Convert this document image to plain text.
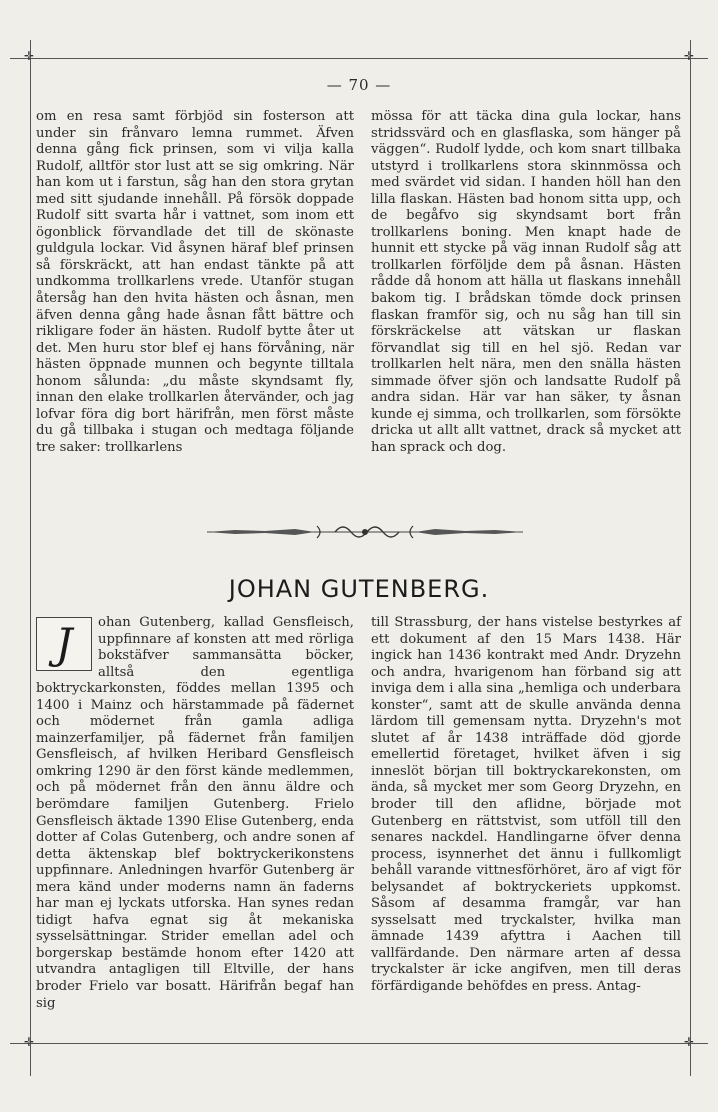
✛	✛
✛	✛
— 70 —

om en resa samt förbjöd sin fosterson att under sin frånvaro lemna rummet. Äfven denna gång fick prinsen, som vi vilja kalla Rudolf, alltför stor lust att se sig omkring. När han kom ut i farstun, såg han den stora grytan med sitt sjudande innehåll. På försök doppade Rudolf sitt svarta hår i vattnet, som inom ett ögonblick förvandlade det till de skönaste guldgula lockar. Vid åsynen häraf blef prinsen så förskräckt, att han endast tänkte på att undkomma trollkarlens vrede. Utanför stugan återsåg han den hvita hästen och åsnan, men äfven denna gång hade åsnan fått bättre och rikligare foder än hästen. Rudolf bytte åter ut det. Men huru stor blef ej hans förvåning, när hästen öppnade munnen och begynte tilltala honom sålunda: „du måste skyndsamt fly, innan den elake trollkarlen återvänder, och jag lofvar föra dig bort härifrån, men först måste du gå tillbaka i stugan och medtaga följande tre saker: trollkarlens

mössa för att täcka dina gula lockar, hans stridssvärd och en glasflaska, som hänger på väggen“. Rudolf lydde, och kom snart tillbaka utstyrd i trollkarlens stora skinnmössa och med svärdet vid sidan. I handen höll han den lilla flaskan. Hästen bad honom sitta upp, och de begåfvo sig skyndsamt bort från trollkarlens boning. Men knapt hade de hunnit ett stycke på väg innan Rudolf såg att trollkarlen förföljde dem på åsnan. Hästen rådde då honom att hälla ut flaskans innehåll bakom tig. I brådskan tömde dock prinsen flaskan framför sig, och nu såg han till sin förskräckelse att vätskan ur flaskan förvandlat sig till en hel sjö. Redan var trollkarlen helt nära, men den snälla hästen simmade öfver sjön och landsatte Rudolf på andra sidan. Här var han säker, ty åsnan kunde ej simma, och trollkarlen, som försökte dricka ut allt allt vattnet, drack så mycket att han sprack och dog.

JOHAN GUTENBERG.
J	ohan Gutenberg, kallad Gensfleisch, uppfinnare af konsten att med rörliga bokstäfver sammansätta böcker, alltså den egentliga boktryckarkonsten, föddes mellan 1395 och 1400 i Mainz och härstammade på fädernet och mödernet från gamla adliga mainzerfamiljer, på fädernet från familjen Gensfleisch, af hvilken Heribard Gensfleisch omkring 1290 är den först kände medlemmen, och på mödernet från den ännu äldre och berömdare familjen Gutenberg. Frielo Gensfleisch äktade 1390 Elise Gutenberg, enda dotter af Colas Gutenberg, och andre sonen af detta äktenskap blef boktryckerikonstens uppfinnare. Anledningen hvarför Gutenberg är mera känd under moderns namn än faderns har man ej lyckats utforska. Han synes redan tidigt hafva egnat sig åt mekaniska sysselsättningar. Strider emellan adel och borgerskap bestämde honom efter 1420 att utvandra antagligen till Eltville, der hans broder Frielo var bosatt. Härifrån begaf han sig

till Strassburg, der hans vistelse bestyrkes af ett dokument af den 15 Mars 1438. Här ingick han 1436 kontrakt med Andr. Dryzehn och andra, hvarigenom han förband sig att inviga dem i alla sina „hemliga och underbara konster“, samt att de skulle använda denna lärdom till gemensam nytta. Dryzehn's mot slutet af år 1438 inträffade död gjorde emellertid företaget, hvilket äfven i sig inneslöt början till boktryckarekonsten, om ända, så mycket mer som Georg Dryzehn, en broder till den aflidne, började mot Gutenberg en rättstvist, som utföll till den senares nackdel. Handlingarne öfver denna process, isynnerhet det ännu i fullkomligt behåll varande vittnesförhöret, äro af vigt för belysandet af boktryckeriets uppkomst. Såsom af desamma framgår, var han sysselsatt med tryckalster, hvilka man ämnade 1439 afyttra i Aachen till vallfärdande. Den närmare arten af dessa tryckalster är icke angifven, men till deras förfärdigande behöfdes en press. Antag-
